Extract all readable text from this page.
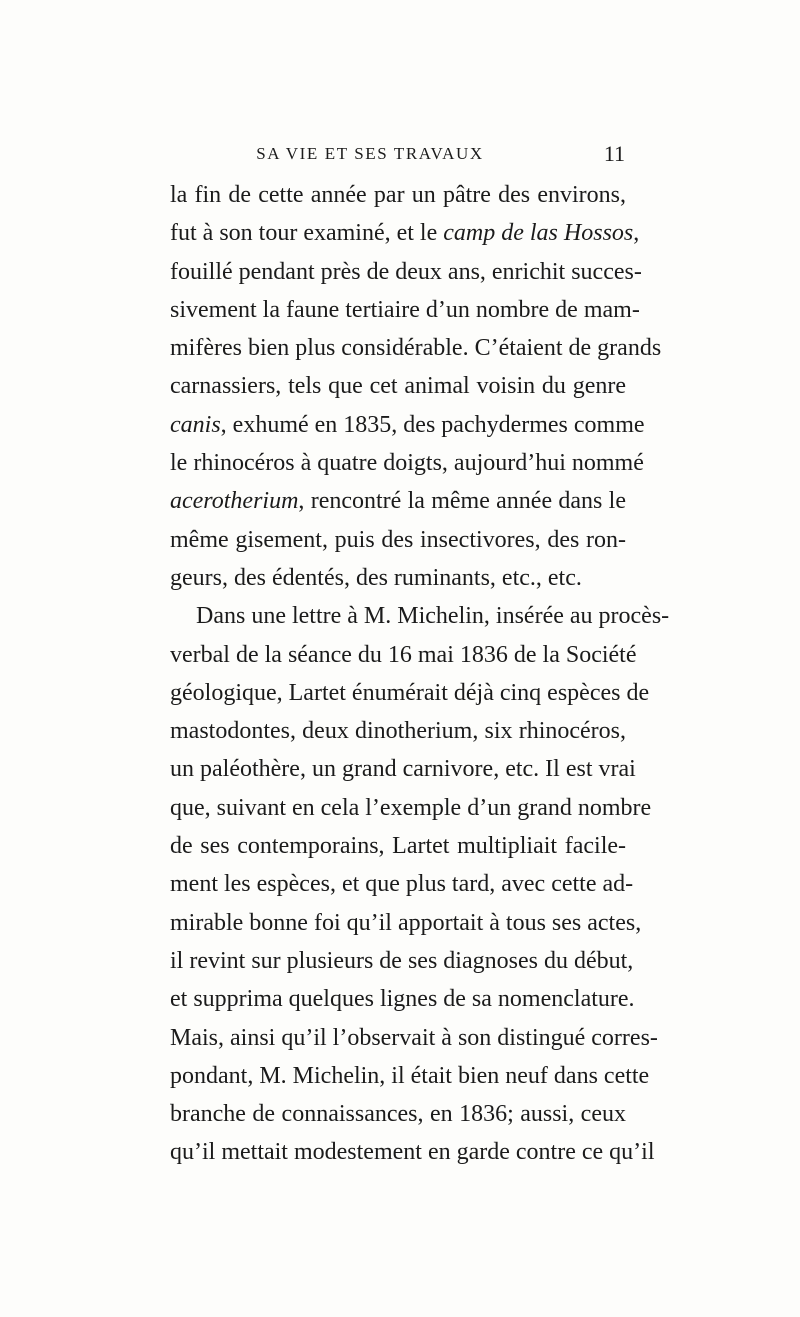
SA VIE ET SES TRAVAUX	11
la fin de cette année par un pâtre des environs,
fut à son tour examiné, et le camp de las Hossos,
fouillé pendant près de deux ans, enrichit succes-
sivement la faune tertiaire d’un nombre de mam-
mifères bien plus considérable. C’étaient de grands
carnassiers, tels que cet animal voisin du genre
canis, exhumé en 1835, des pachydermes comme
le rhinocéros à quatre doigts, aujourd’hui nommé
acerotherium, rencontré la même année dans le
même gisement, puis des insectivores, des ron-
geurs, des édentés, des ruminants, etc., etc.
Dans une lettre à M. Michelin, insérée au procès-
verbal de la séance du 16 mai 1836 de la Société
géologique, Lartet énumérait déjà cinq espèces de
mastodontes, deux dinotherium, six rhinocéros,
un paléothère, un grand carnivore, etc. Il est vrai
que, suivant en cela l’exemple d’un grand nombre
de ses contemporains, Lartet multipliait facile-
ment les espèces, et que plus tard, avec cette ad-
mirable bonne foi qu’il apportait à tous ses actes,
il revint sur plusieurs de ses diagnoses du début,
et supprima quelques lignes de sa nomenclature.
Mais, ainsi qu’il l’observait à son distingué corres-
pondant, M. Michelin, il était bien neuf dans cette
branche de connaissances, en 1836; aussi, ceux
qu’il mettait modestement en garde contre ce qu’il
